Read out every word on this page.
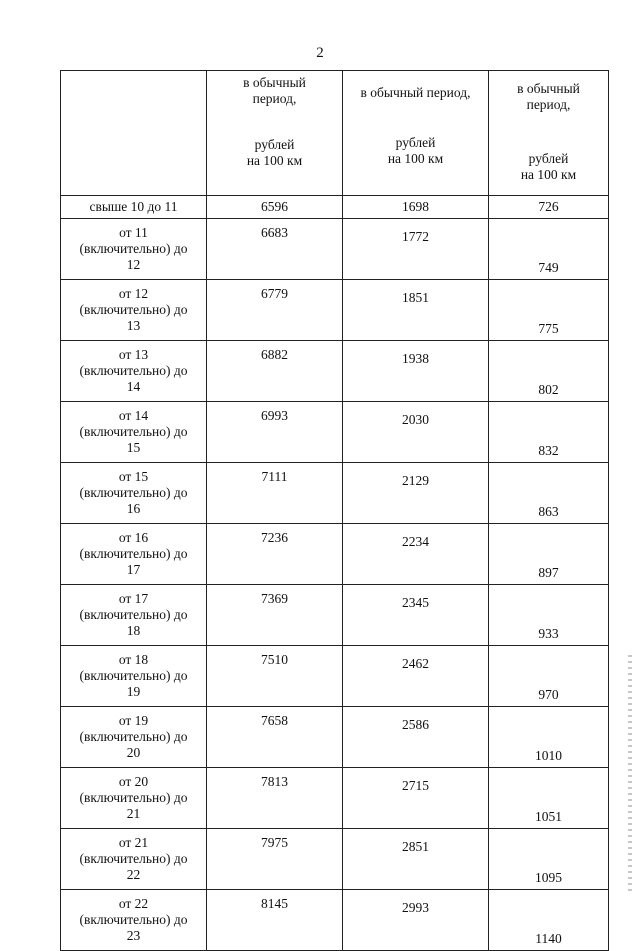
2
	в обычный
период,
рублей
на 100 км	в обычный период,
рублей
на 100 км	в обычный
период,
рублей
на 100 км
свыше 10 до 11	6596	1698	726
от 11
(включительно) до
12	6683	1772	749
от 12
(включительно) до
13	6779	1851	775
от 13
(включительно) до
14	6882	1938	802
от 14
(включительно) до
15	6993	2030	832
от 15
(включительно) до
16	7111	2129	863
от 16
(включительно) до
17	7236	2234	897
от 17
(включительно) до
18	7369	2345	933
от 18
(включительно) до
19	7510	2462	970
от 19
(включительно) до
20	7658	2586	1010
от 20
(включительно) до
21	7813	2715	1051
от 21
(включительно) до
22	7975	2851	1095
от 22
(включительно) до
23	8145	2993	1140
